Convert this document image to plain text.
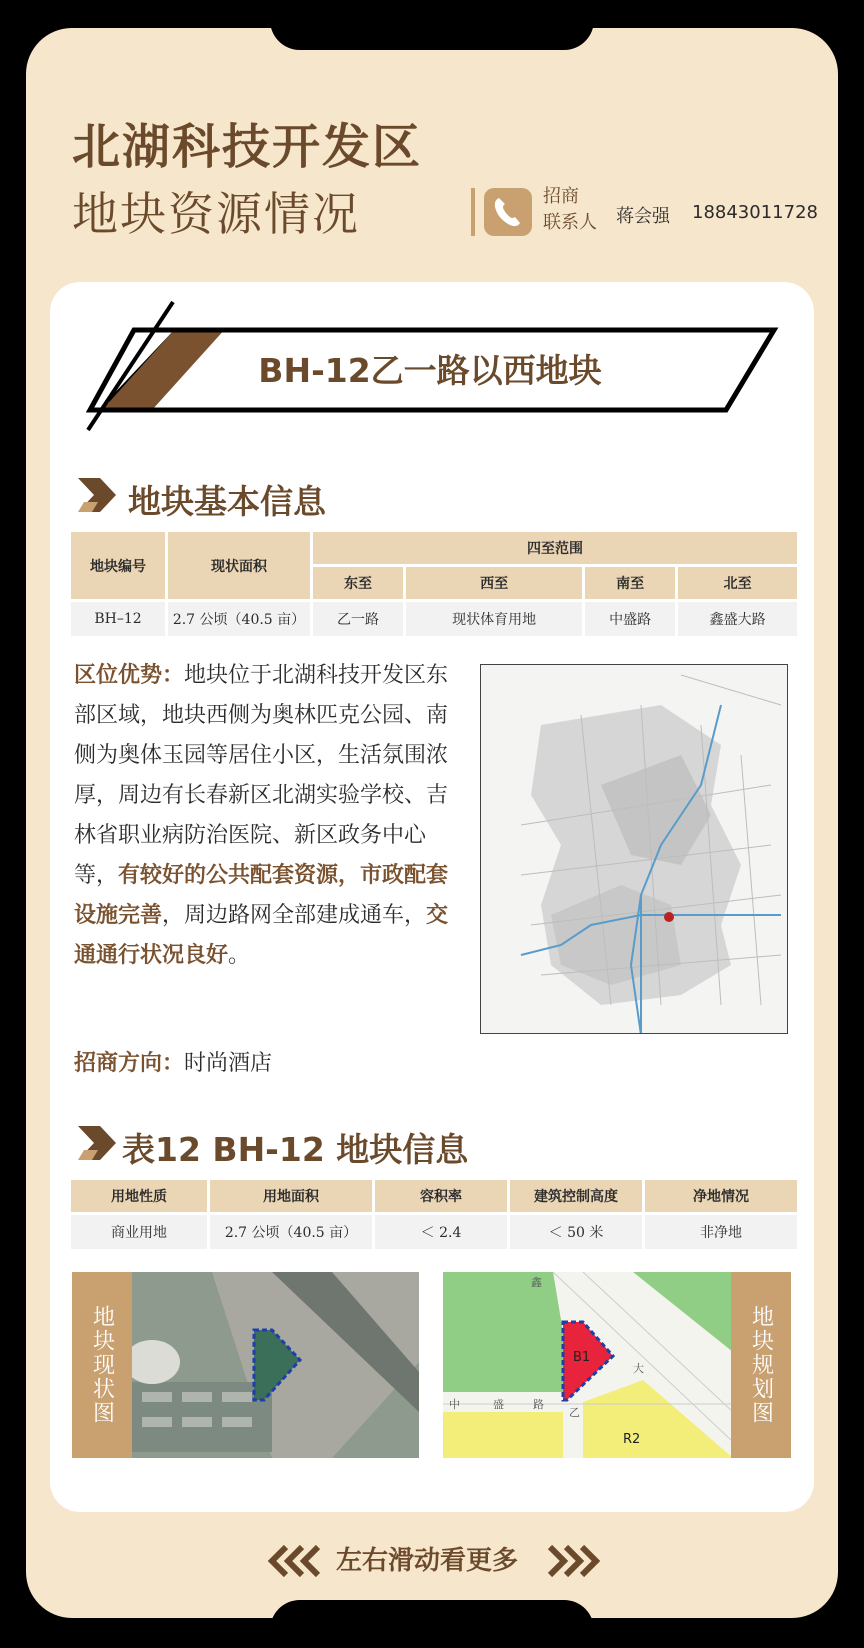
北湖科技开发区
地块资源情况	招商
联系人	蒋会强 18843011728
BH-12乙一路以西地块
地块基本信息
地块编号	现状面积	四至范围			
		东至	西至	南至	北至
BH–12	2.7 公顷（40.5 亩）	乙一路	现状体育用地	中盛路	鑫盛大路
区位优势：地块位于北湖科技开发区东部区域，地块西侧为奥林匹克公园、南侧为奥体玉园等居住小区，生活氛围浓厚，周边有长春新区北湖实验学校、吉林省职业病防治医院、新区政务中心等，有较好的公共配套资源，市政配套设施完善，周边路网全部建成通车，交通通行状况良好。
招商方向：时尚酒店
表12 BH-12 地块信息
用地性质	用地面积	容积率	建筑控制高度	净地情况
商业用地	2.7 公顷（40.5 亩）	＜ 2.4	＜ 50 米	非净地
地块现状图	B1
R2
中	盛	路
鑫
大
乙	地块规划图
左右滑动看更多
